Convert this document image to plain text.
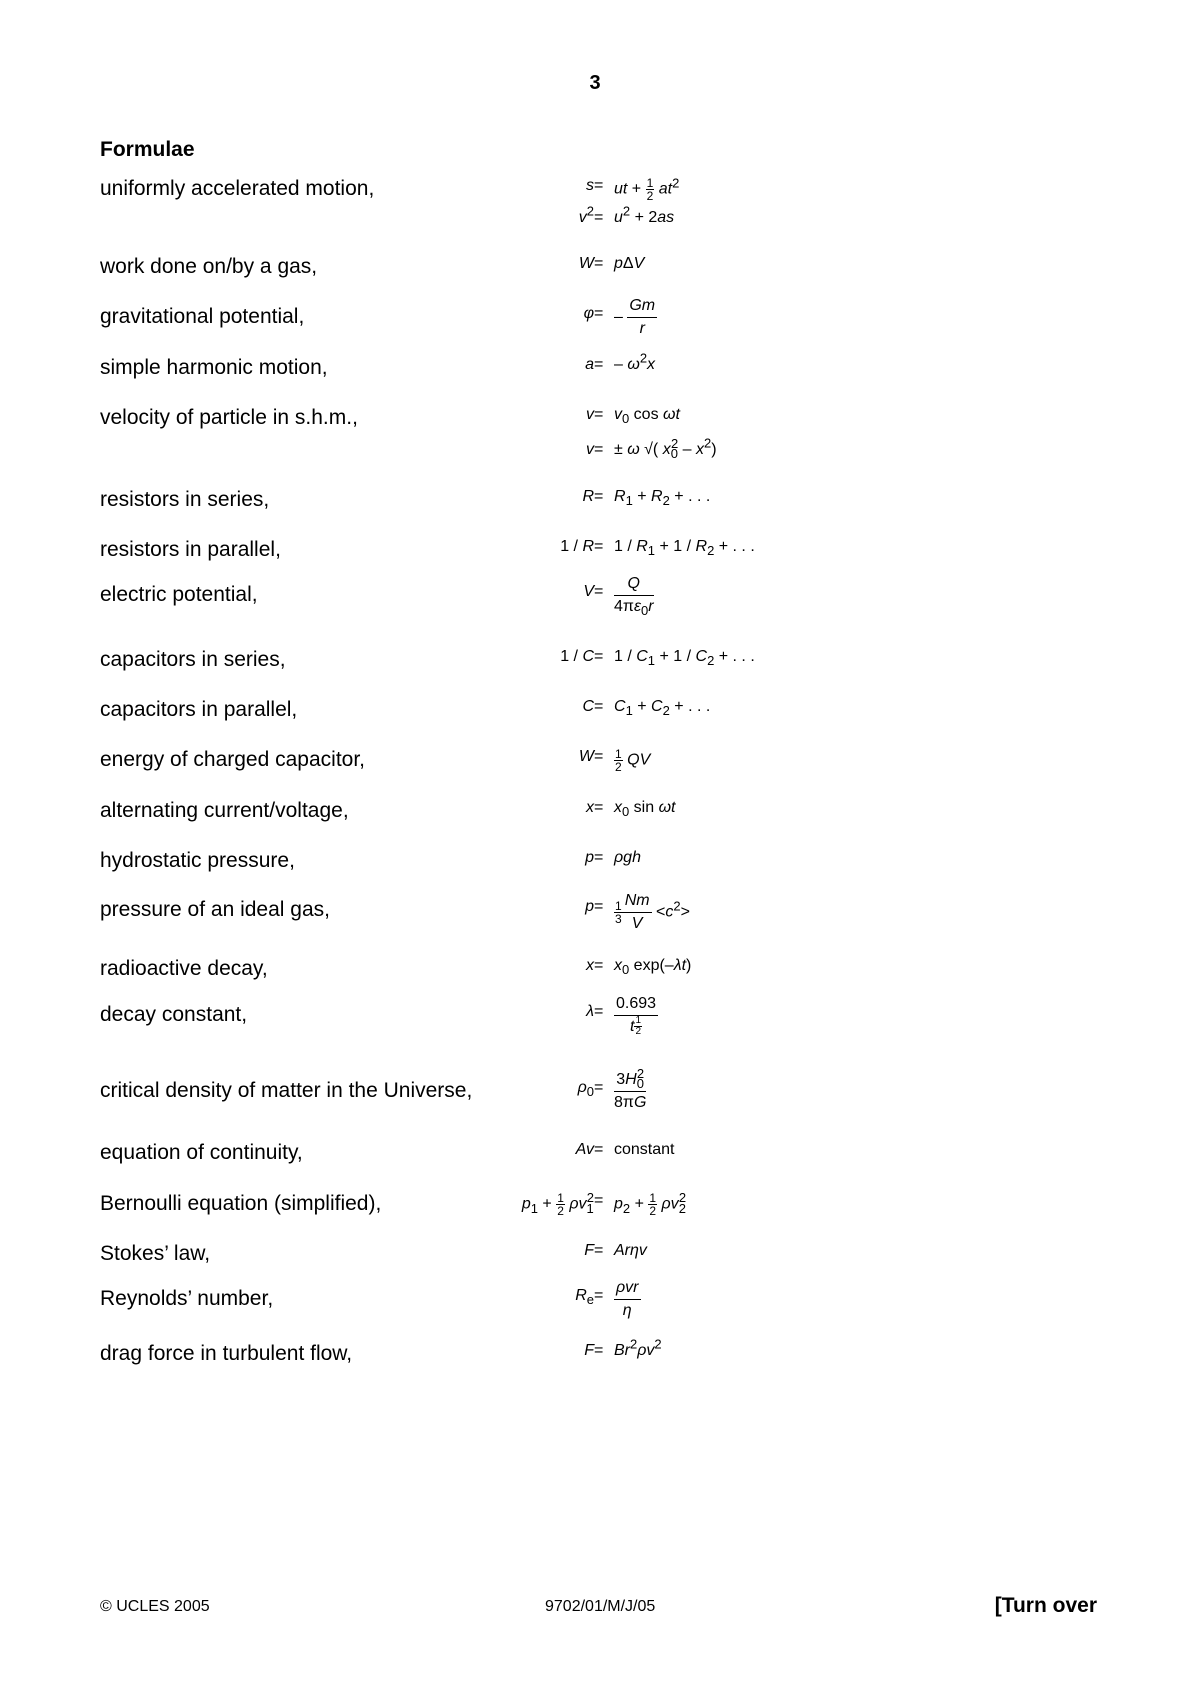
3
Formulae
uniformly accelerated motion,	s = ut + $\frac{1}{2} at^2$
$v^2 = u^2 + 2as$
work done on/by a gas,	W = pΔV
gravitational potential,	φ = – $\frac{Gm}{r}$
simple harmonic motion,	a = – $\omega^2x$
velocity of particle in s.h.m.,	$v = v_0$ cos ωt
v = ± ω √( $x_0^2 - x^2$)
resistors in series,	$R = R_1 + R_2$ + . . .
resistors in parallel,	$1 / R = 1 / R_1 + 1 / R_2$ + . . .
electric potential,	$V = \frac{Q}{4\pi\varepsilon_0r}$
capacitors in series,	$1 / C = 1 / C_1 + 1 / C_2$ + . . .
capacitors in parallel,	$C = C_1 + C_2$ + . . .
energy of charged capacitor,	$W = \frac{1}{2}$ QV
alternating current/voltage,	$x = x_0$ sin ωt
hydrostatic pressure,	p = ρgh
pressure of an ideal gas,	$p = \frac{1}{3} \frac{Nm}{V} <c^2>$
radioactive decay,	$x = x_0$ exp(–λt)
decay constant,	$\lambda = \frac{0.693}{t \frac{1}{2}}$
critical density of matter in the Universe,	$\rho_0 = \frac{3H_0^2}{8\pi G}$
equation of continuity,	Av = constant
Bernoulli equation (simplified),	$p_1 + \frac{1}{2} \rho v_1^2 = p_2 + \frac{1}{2} \rho v_2^2$
Stokes’ law,	F = Arηv
Reynolds’ number,	$R_e = \frac{\text{ρvr}}{\eta}$
drag force in turbulent flow,	$F = Br^2\rho v^2$
© UCLES 2005	9702/01/M/J/05	[Turn over
